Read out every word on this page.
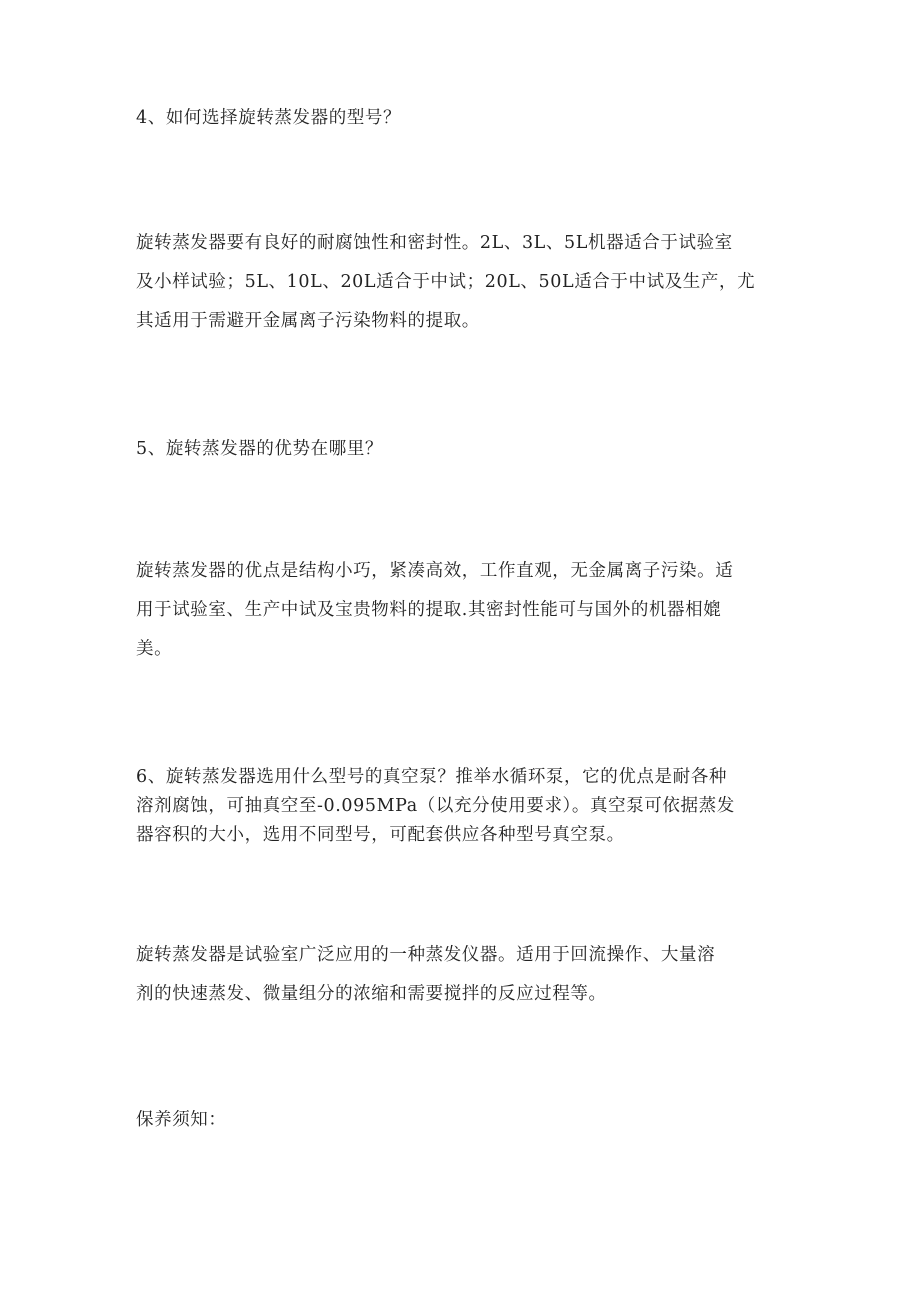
4、如何选择旋转蒸发器的型号？

旋转蒸发器要有良好的耐腐蚀性和密封性。2L、3L、5L机器适合于试验室

及小样试验；5L、10L、20L适合于中试；20L、50L适合于中试及生产，尤

其适用于需避开金属离子污染物料的提取。

5、旋转蒸发器的优势在哪里？

旋转蒸发器的优点是结构小巧，紧凑高效，工作直观，无金属离子污染。适

用于试验室、生产中试及宝贵物料的提取.其密封性能可与国外的机器相媲

美。

6、旋转蒸发器选用什么型号的真空泵？推举水循环泵，它的优点是耐各种

溶剂腐蚀，可抽真空至-0.095MPa（以充分使用要求）。真空泵可依据蒸发

器容积的大小，选用不同型号，可配套供应各种型号真空泵。

旋转蒸发器是试验室广泛应用的一种蒸发仪器。适用于回流操作、大量溶

剂的快速蒸发、微量组分的浓缩和需要搅拌的反应过程等。

保养须知：
